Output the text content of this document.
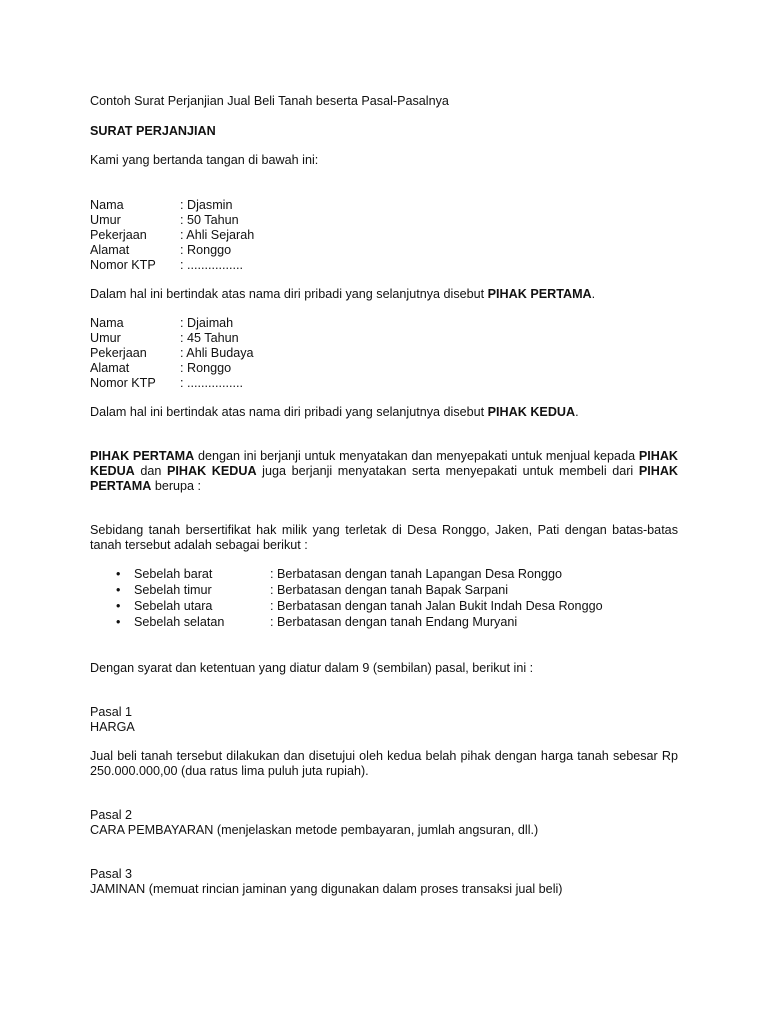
Contoh Surat Perjanjian Jual Beli Tanah beserta Pasal-Pasalnya

SURAT PERJANJIAN

Kami yang bertanda tangan di bawah ini:

Nama	: Djasmin
Umur	: 50 Tahun
Pekerjaan	: Ahli Sejarah
Alamat	: Ronggo
Nomor KTP	: ................

Dalam hal ini bertindak atas nama diri pribadi yang selanjutnya disebut PIHAK PERTAMA.

Nama	: Djaimah
Umur	: 45 Tahun
Pekerjaan	: Ahli Budaya
Alamat	: Ronggo
Nomor KTP	: ................

Dalam hal ini bertindak atas nama diri pribadi yang selanjutnya disebut PIHAK KEDUA.

PIHAK PERTAMA dengan ini berjanji untuk menyatakan dan menyepakati untuk menjual kepada PIHAK KEDUA dan PIHAK KEDUA juga berjanji menyatakan serta menyepakati untuk membeli dari PIHAK PERTAMA berupa :

Sebidang tanah bersertifikat hak milik yang terletak di Desa Ronggo, Jaken, Pati dengan batas-batas tanah tersebut adalah sebagai berikut :

•	Sebelah barat	: Berbatasan dengan tanah Lapangan Desa Ronggo
•	Sebelah timur	: Berbatasan dengan tanah Bapak Sarpani
•	Sebelah utara	: Berbatasan dengan tanah Jalan Bukit Indah Desa Ronggo
•	Sebelah selatan	: Berbatasan dengan tanah Endang Muryani

Dengan syarat dan ketentuan yang diatur dalam 9 (sembilan) pasal, berikut ini :

Pasal 1

HARGA

Jual beli tanah tersebut dilakukan dan disetujui oleh kedua belah pihak dengan harga tanah sebesar Rp 250.000.000,00 (dua ratus lima puluh juta rupiah).

Pasal 2

CARA PEMBAYARAN (menjelaskan metode pembayaran, jumlah angsuran, dll.)

Pasal 3

JAMINAN (memuat rincian jaminan yang digunakan dalam proses transaksi jual beli)
